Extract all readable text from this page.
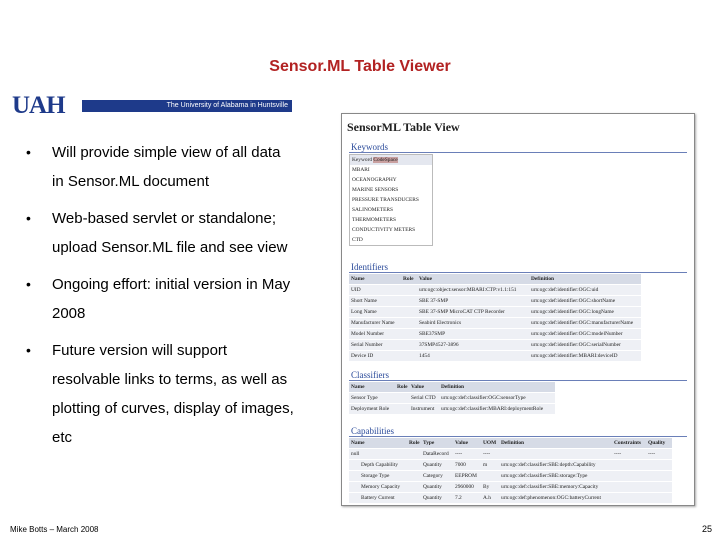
Sensor.ML Table Viewer
UAH	The University of Alabama in Huntsville
• Will provide simple view of all data
in Sensor.ML document
• Web-based servlet or standalone;
upload Sensor.ML file and see view
• Ongoing effort: initial version in May
2008
• Future version will support
resolvable links to terms, as well as
plotting of curves, display of images,
etc
SensorML Table View
Keywords
Keyword CodeSpace
MBARI
OCEANOGRAPHY
MARINE SENSORS
PRESSURE TRANSDUCERS
SALINOMETERS
THERMOMETERS
CONDUCTIVITY METERS
CTD
Identifiers
Name	Role	Value	Definition
UID		urn:ogc:object:sensor:MBARI:CTP:v1.1:151	urn:ogc:def:identifier:OGC:uid
Short Name		SBE 37-SMP	urn:ogc:def:identifier:OGC:shortName
Long Name		SBE 37-SMP MicroCAT CTP Recorder	urn:ogc:def:identifier:OGC:longName
Manufacturer Name		Seabird Electronics	urn:ogc:def:identifier:OGC:manufacturerName
Model Number		SBE37SMP	urn:ogc:def:identifier:OGC:modelNumber
Serial Number		37SMP4527-3896	urn:ogc:def:identifier:OGC:serialNumber
Device ID		1454	urn:ogc:def:identifier:MBARI:deviceID
Classifiers
Name	Role	Value	Definition
Sensor Type		Serial CTD	urn:ogc:def:classifier:OGC:sensorType
Deployment Role		Instrument	urn:ogc:def:classifier:MBARI:deploymentRole
Capabilities
Name	Role	Type	Value	UOM	Definition	Constraints	Quality
null		DataRecord	----	----		----	----
Depth Capability		Quantity	7000	m	urn:ogc:def:classifier:SBE:depth:Capability		
Storage Type		Category	EEPROM		urn:ogc:def:classifier:SBE:storage:Type		
Memory Capacity		Quantity	2960000	By	urn:ogc:def:classifier:SBE:memory:Capacity		
Battery Current		Quantity	7.2	A.h	urn:ogc:def:phenomenon:OGC:batteryCurrent		
Mike Botts – March 2008	25
